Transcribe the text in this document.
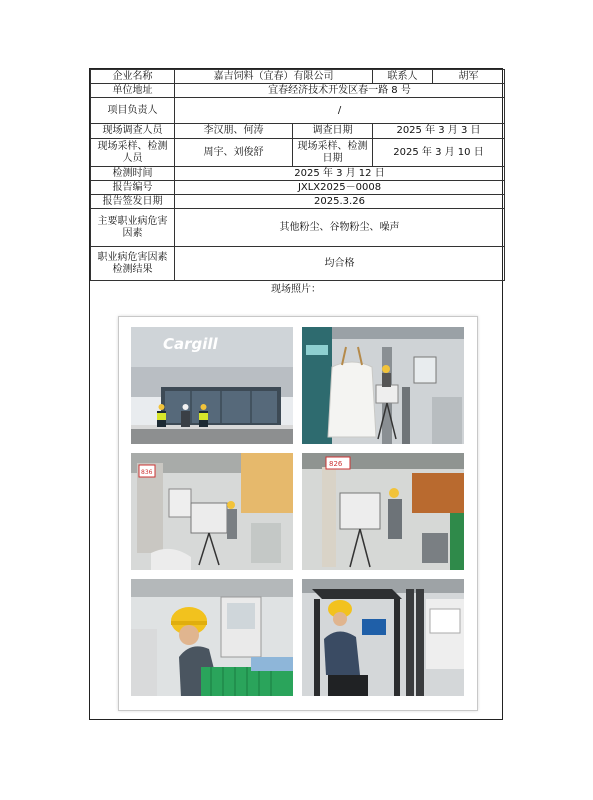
企业名称	嘉吉饲料（宜春）有限公司		联系人	胡军
单位地址	宜春经济技术开发区春一路 8 号			
项目负责人	/			
现场调查人员	李汉朋、何涛	调查日期	2025 年 3 月 3 日	
现场采样、检测人员	周宇、刘俊舒	现场采样、检测日期	2025 年 3 月 10 日	
检测时间	2025 年 3 月 12 日			
报告编号	JXLX2025－0008			
报告签发日期	2025.3.26			
主要职业病危害因素	其他粉尘、谷物粉尘、噪声			
职业病危害因素检测结果	均合格			
现场照片：
Cargill
836
826
